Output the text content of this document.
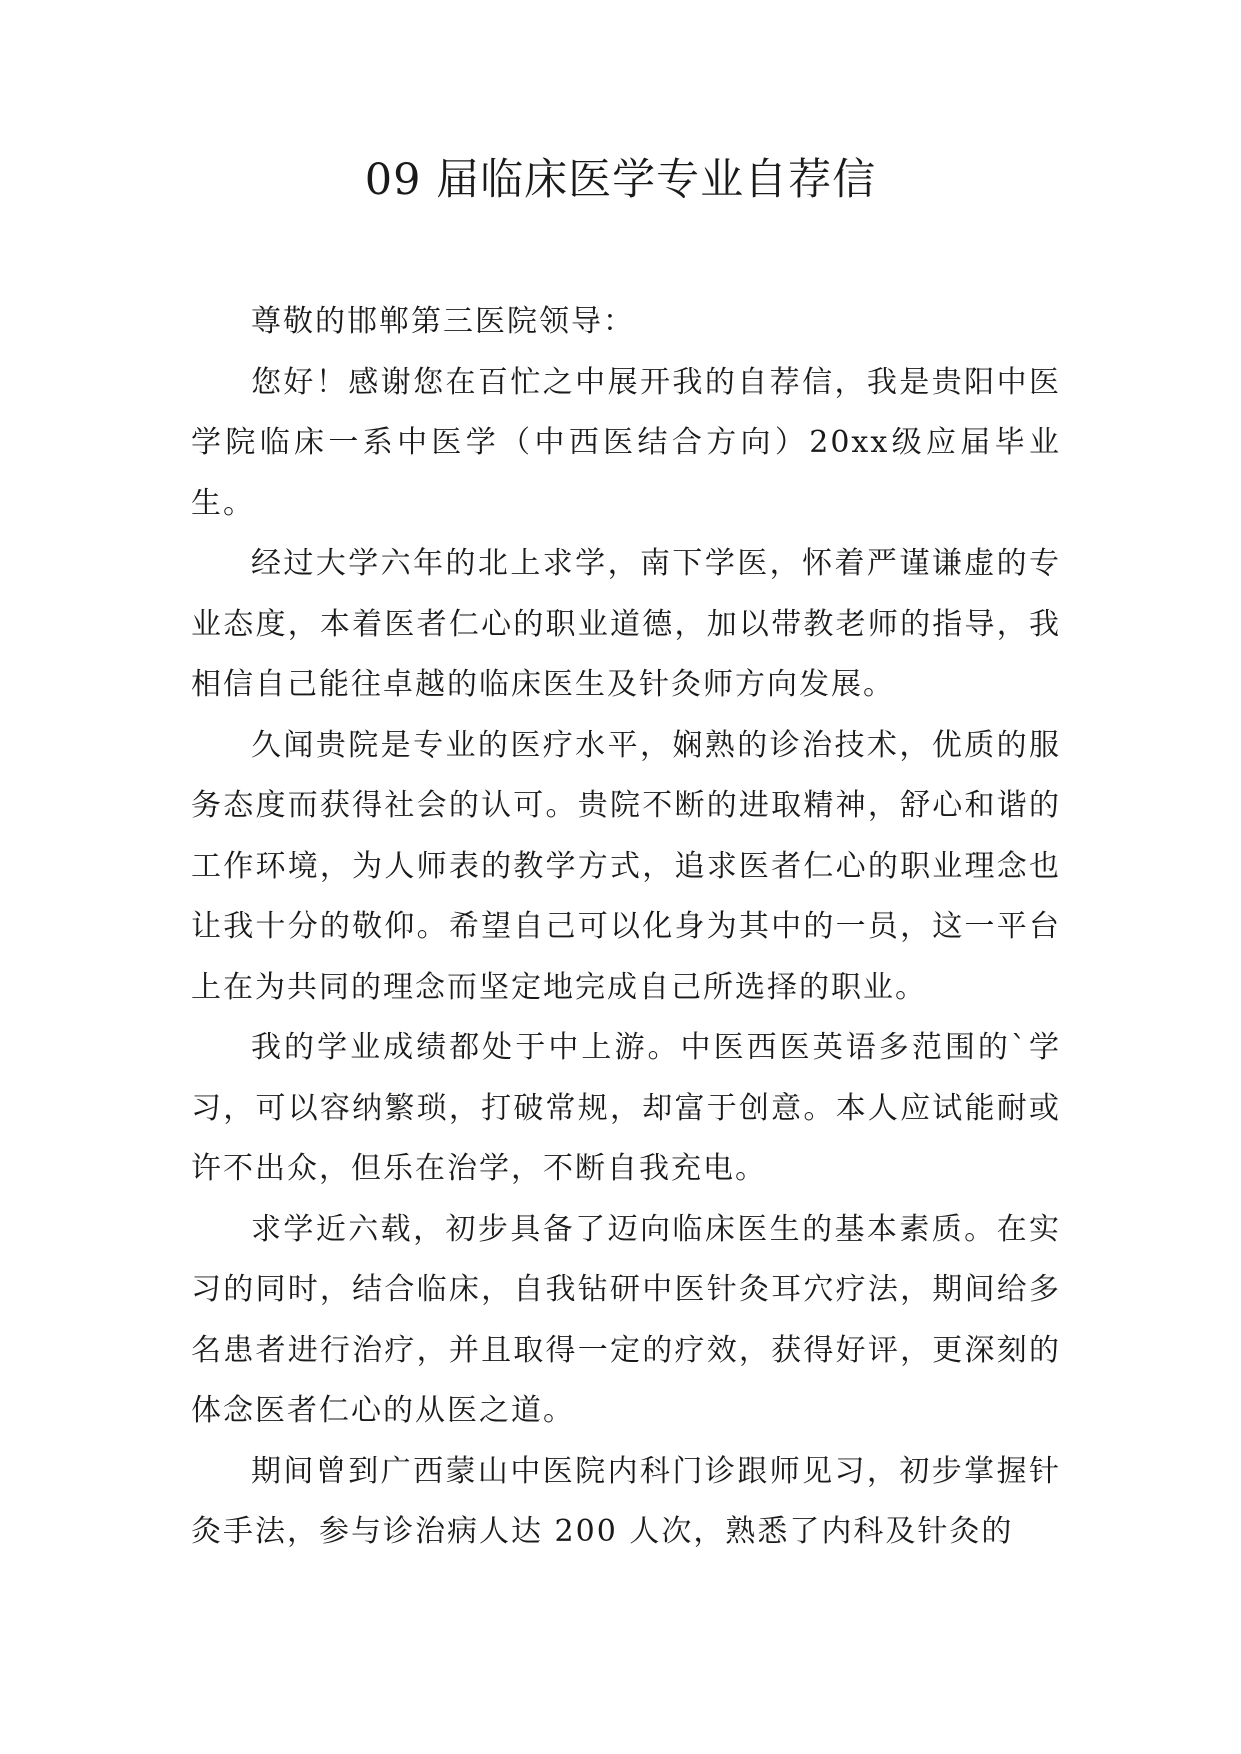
09 届临床医学专业自荐信

尊敬的邯郸第三医院领导：

您好！感谢您在百忙之中展开我的自荐信，我是贵阳中医学院临床一系中医学（中西医结合方向）20xx级应届毕业生。

经过大学六年的北上求学，南下学医，怀着严谨谦虚的专业态度，本着医者仁心的职业道德，加以带教老师的指导，我相信自己能往卓越的临床医生及针灸师方向发展。

久闻贵院是专业的医疗水平，娴熟的诊治技术，优质的服务态度而获得社会的认可。贵院不断的进取精神，舒心和谐的工作环境，为人师表的教学方式，追求医者仁心的职业理念也让我十分的敬仰。希望自己可以化身为其中的一员，这一平台上在为共同的理念而坚定地完成自己所选择的职业。

我的学业成绩都处于中上游。中医西医英语多范围的`学习，可以容纳繁琐，打破常规，却富于创意。本人应试能耐或许不出众，但乐在治学，不断自我充电。

求学近六载，初步具备了迈向临床医生的基本素质。在实习的同时，结合临床，自我钻研中医针灸耳穴疗法，期间给多名患者进行治疗，并且取得一定的疗效，获得好评，更深刻的体念医者仁心的从医之道。

期间曾到广西蒙山中医院内科门诊跟师见习，初步掌握针灸手法，参与诊治病人达 200 人次，熟悉了内科及针灸的
